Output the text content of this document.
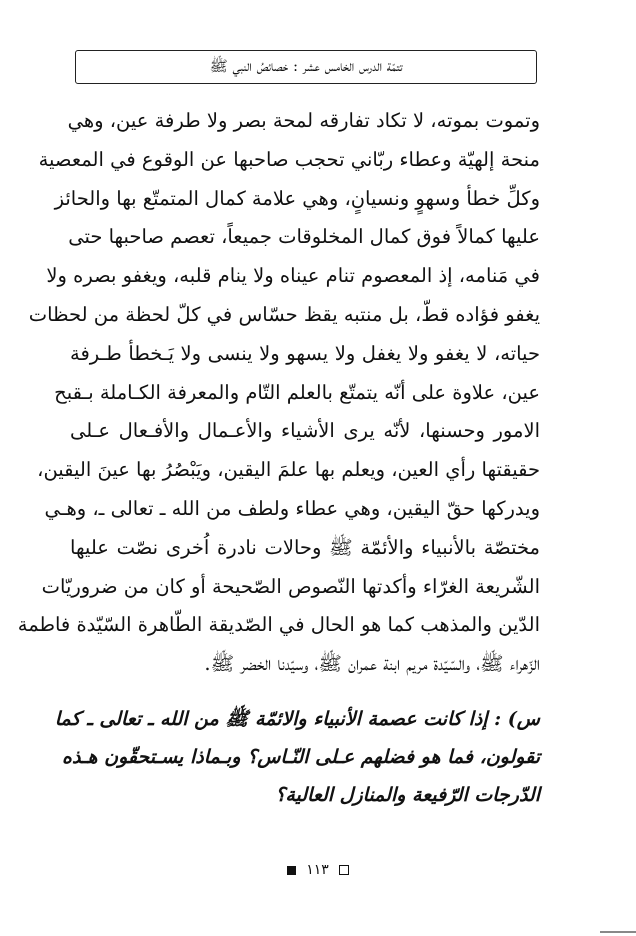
تتمّة الدرس الخامس عشر : خصائصُ النبي ﷺ
وتموت بموته، لا تكاد تفارقه لمحة بصر ولا طرفة عين، وهي
منحة إلهيّة وعطاء ربّاني تحجب صاحبها عن الوقوع في المعصية
وكلِّ خطأ وسهوٍ ونسيانٍ، وهي علامة كمال المتمتّع بها والحائز
عليها كمالاً فوق كمال المخلوقات جميعاً، تعصم صاحبها حتى
في مَنامه، إذ المعصوم تنام عيناه ولا ينام قلبه، ويغفو بصره ولا
يغفو فؤاده قطّ، بل منتبه يقظ حسّاس في كلّ لحظة من لحظات
حياته، لا يغفو ولا يغفل ولا يسهو ولا ينسى ولا يَـخطأ طـرفة
عين، علاوة على أنّه يتمتّع بالعلم التّام والمعرفة الكـاملة بـقبح
الامور وحسنها، لأنّه يرى الأشياء والأعـمال والأفـعال عـلى
حقيقتها رأي العين، ويعلم بها علمَ اليقين، ويَبْصُرُ بها عينَ اليقين،
ويدركها حقّ اليقين، وهي عطاء ولطف من الله ـ تعالى ـ، وهـي
مختصّة بالأنبياء والأئمّة ﷺ وحالات نادرة اُخرى نصّت عليها
الشّريعة الغرّاء وأكدتها النّصوص الصّحيحة أو كان من ضروريّات
الدّين والمذهب كما هو الحال في الصّديقة الطّاهرة السّيّدة فاطمة
الزّهراء ﷺ، والسّيّدة مريم ابنة عمران ﷺ، وسيّدنا الخضر ﷺ.
س) : إذا كانت عصمة الأنبياء والائمّة ﷺ من الله ـ تعالى ـ كما
تقولون، فما هو فضلهم عـلى النّـاس؟ وبـماذا يسـتحقّون هـذه
الدّرجات الرّفيعة والمنازل العالية؟
١١٣
